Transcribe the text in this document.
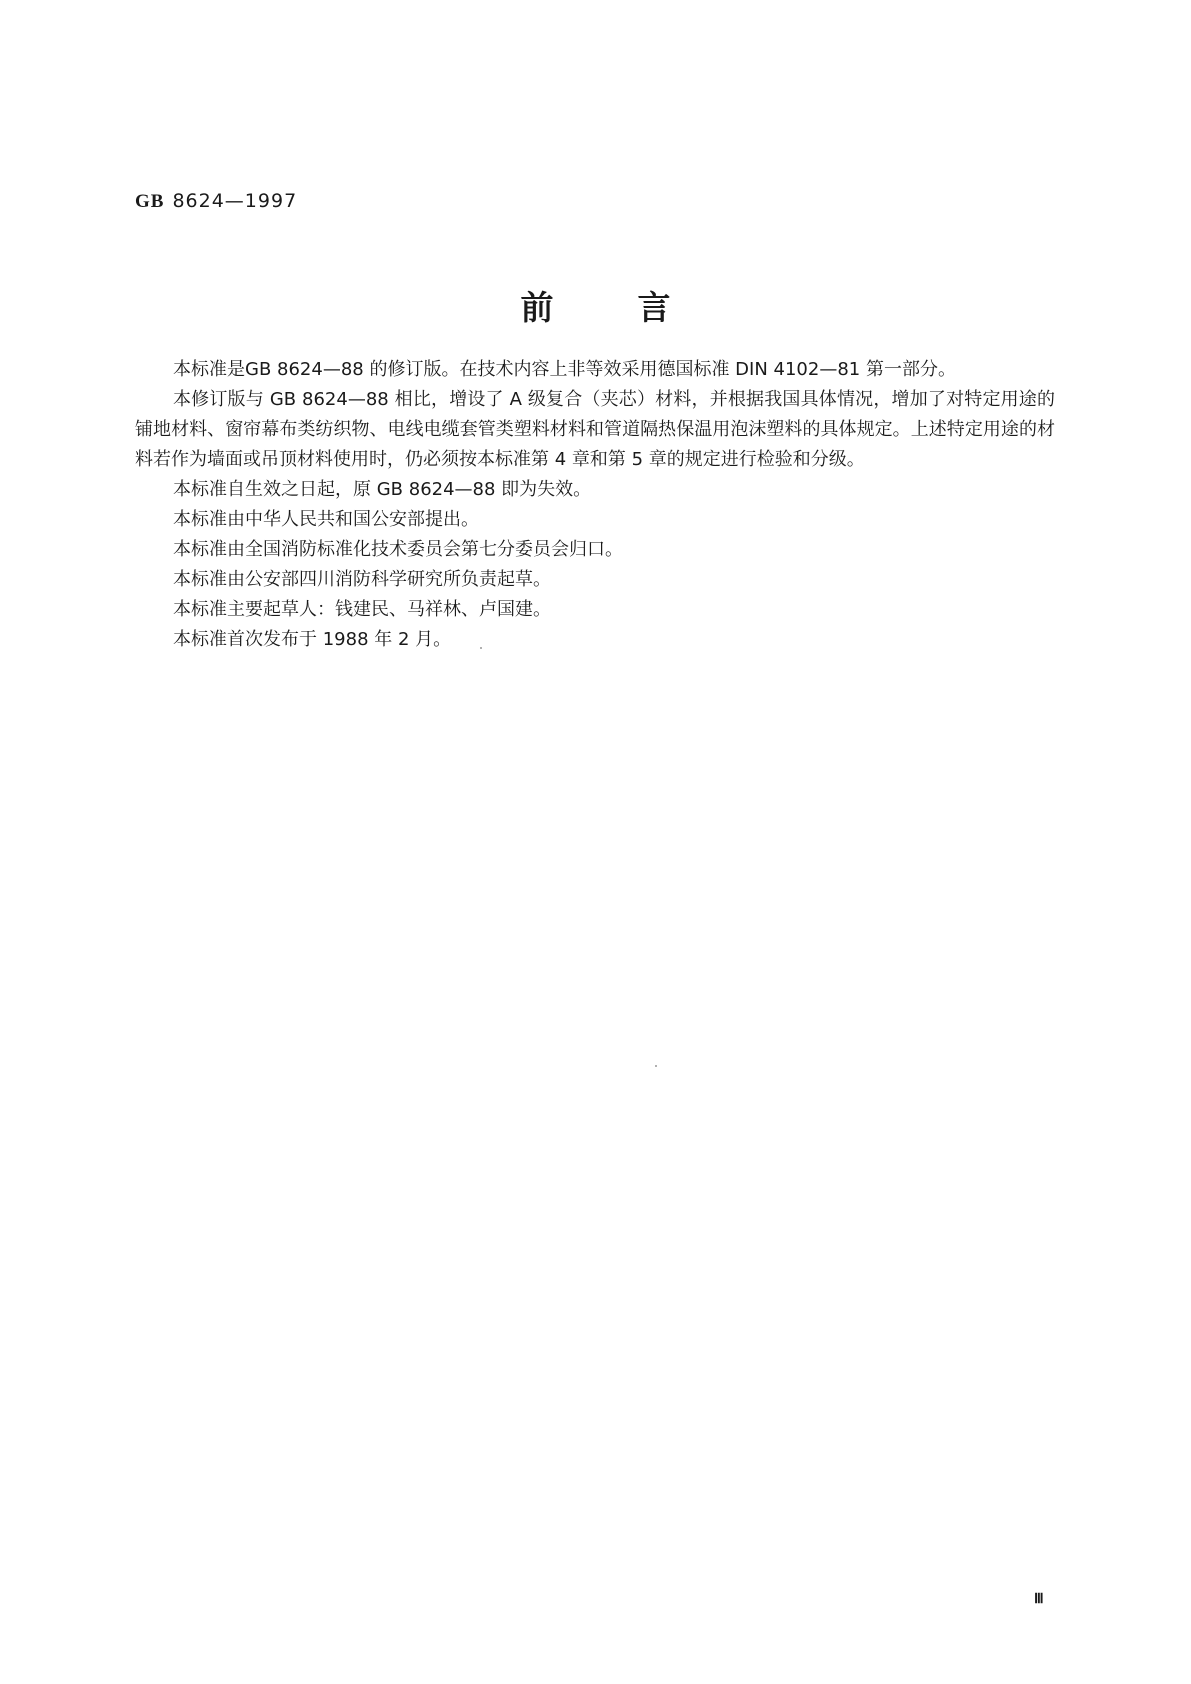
GB 8624—1997
前言

本标准是GB 8624—88 的修订版。在技术内容上非等效采用德国标准 DIN 4102—81 第一部分。

本修订版与 GB 8624—88 相比，增设了 A 级复合（夹芯）材料，并根据我国具体情况，增加了对特定用途的铺地材料、窗帘幕布类纺织物、电线电缆套管类塑料材料和管道隔热保温用泡沫塑料的具体规定。上述特定用途的材料若作为墙面或吊顶材料使用时，仍必须按本标准第 4 章和第 5 章的规定进行检验和分级。

本标准自生效之日起，原 GB 8624—88 即为失效。

本标准由中华人民共和国公安部提出。

本标准由全国消防标准化技术委员会第七分委员会归口。

本标准由公安部四川消防科学研究所负责起草。

本标准主要起草人：钱建民、马祥林、卢国建。

本标准首次发布于 1988 年 2 月。

Ⅲ
